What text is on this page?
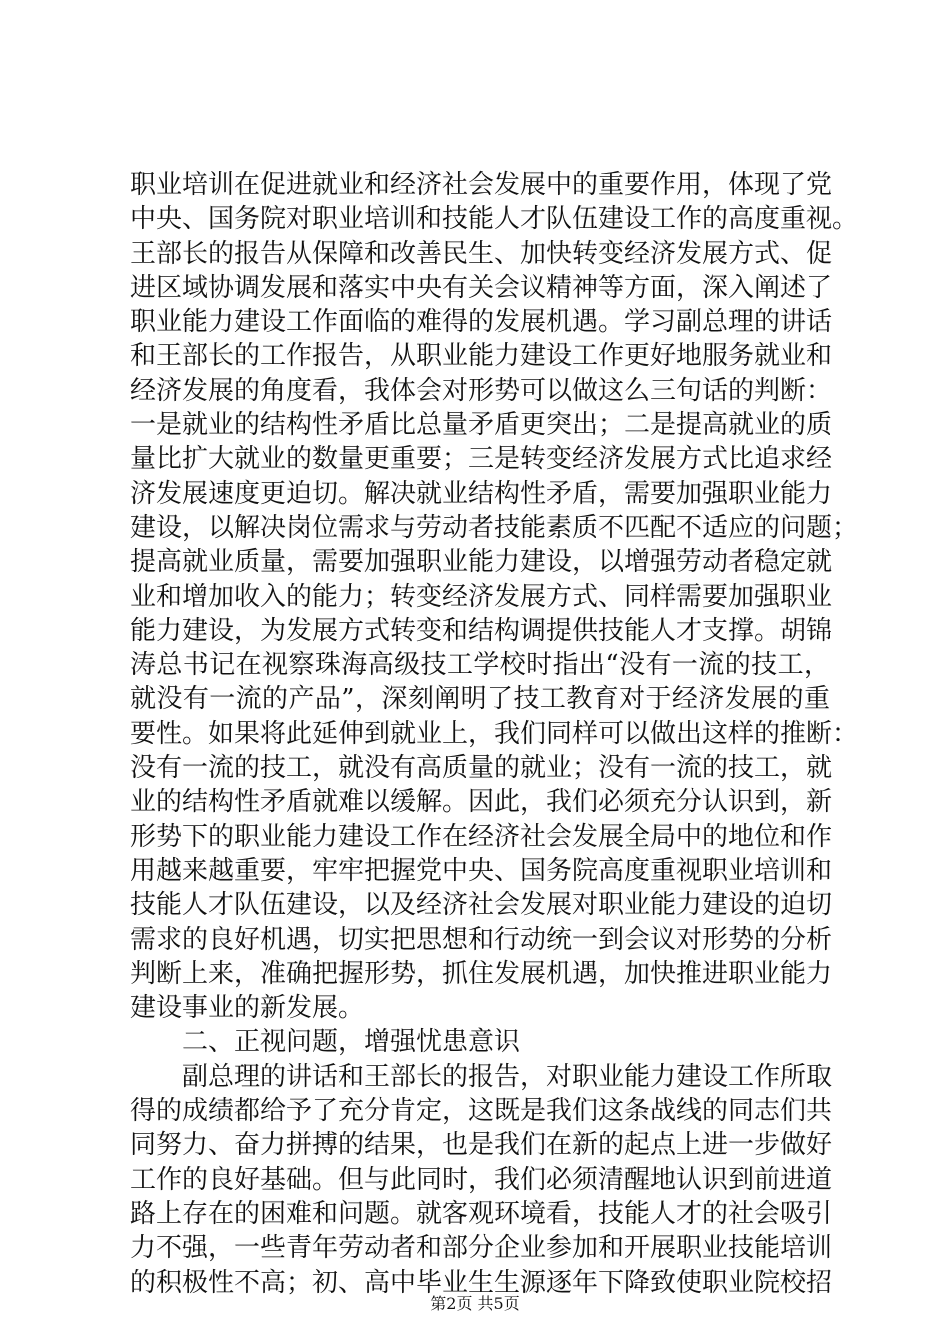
职业培训在促进就业和经济社会发展中的重要作用，体现了党
中央、国务院对职业培训和技能人才队伍建设工作的高度重视。
王部长的报告从保障和改善民生、加快转变经济发展方式、促
进区域协调发展和落实中央有关会议精神等方面，深入阐述了
职业能力建设工作面临的难得的发展机遇。学习副总理的讲话
和王部长的工作报告，从职业能力建设工作更好地服务就业和
经济发展的角度看，我体会对形势可以做这么三句话的判断：
一是就业的结构性矛盾比总量矛盾更突出；二是提高就业的质
量比扩大就业的数量更重要；三是转变经济发展方式比追求经
济发展速度更迫切。解决就业结构性矛盾，需要加强职业能力
建设，以解决岗位需求与劳动者技能素质不匹配不适应的问题；
提高就业质量，需要加强职业能力建设，以增强劳动者稳定就
业和增加收入的能力；转变经济发展方式、同样需要加强职业
能力建设，为发展方式转变和结构调提供技能人才支撑。胡锦
涛总书记在视察珠海高级技工学校时指出“没有一流的技工，
就没有一流的产品”，深刻阐明了技工教育对于经济发展的重
要性。如果将此延伸到就业上，我们同样可以做出这样的推断：
没有一流的技工，就没有高质量的就业；没有一流的技工，就
业的结构性矛盾就难以缓解。因此，我们必须充分认识到，新
形势下的职业能力建设工作在经济社会发展全局中的地位和作
用越来越重要，牢牢把握党中央、国务院高度重视职业培训和
技能人才队伍建设，以及经济社会发展对职业能力建设的迫切
需求的良好机遇，切实把思想和行动统一到会议对形势的分析
判断上来，准确把握形势，抓住发展机遇，加快推进职业能力
建设事业的新发展。
二、正视问题，增强忧患意识
副总理的讲话和王部长的报告，对职业能力建设工作所取
得的成绩都给予了充分肯定，这既是我们这条战线的同志们共
同努力、奋力拼搏的结果，也是我们在新的起点上进一步做好
工作的良好基础。但与此同时，我们必须清醒地认识到前进道
路上存在的困难和问题。就客观环境看，技能人才的社会吸引
力不强，一些青年劳动者和部分企业参加和开展职业技能培训
的积极性不高；初、高中毕业生生源逐年下降致使职业院校招
第2页 共5页
